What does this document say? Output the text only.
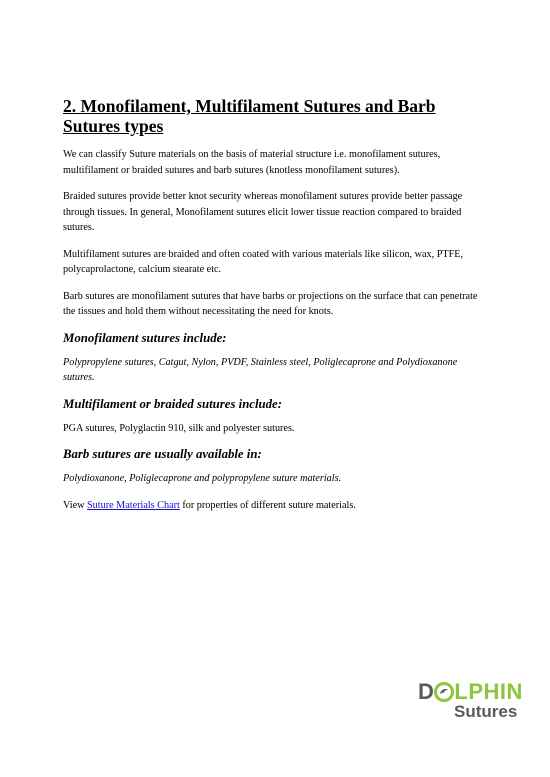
2. Monofilament, Multifilament Sutures and Barb Sutures types

We can classify Suture materials on the basis of material structure i.e. monofilament sutures, multifilament or braided sutures and barb sutures (knotless monofilament sutures).

Braided sutures provide better knot security whereas monofilament sutures provide better passage through tissues. In general, Monofilament sutures elicit lower tissue reaction compared to braided sutures.

Multifilament sutures are braided and often coated with various materials like silicon, wax, PTFE, polycaprolactone, calcium stearate etc.

Barb sutures are monofilament sutures that have barbs or projections on the surface that can penetrate the tissues and hold them without necessitating the need for knots.

Monofilament sutures include:

Polypropylene sutures, Catgut, Nylon, PVDF, Stainless steel, Poliglecaprone and Polydioxanone sutures.

Multifilament or braided sutures include:

PGA sutures, Polyglactin 910, silk and polyester sutures.

Barb sutures are usually available in:

Polydioxanone, Poliglecaprone and polypropylene suture materials.

View Suture Materials Chart for properties of different suture materials.

D LPHIN
Sutures
